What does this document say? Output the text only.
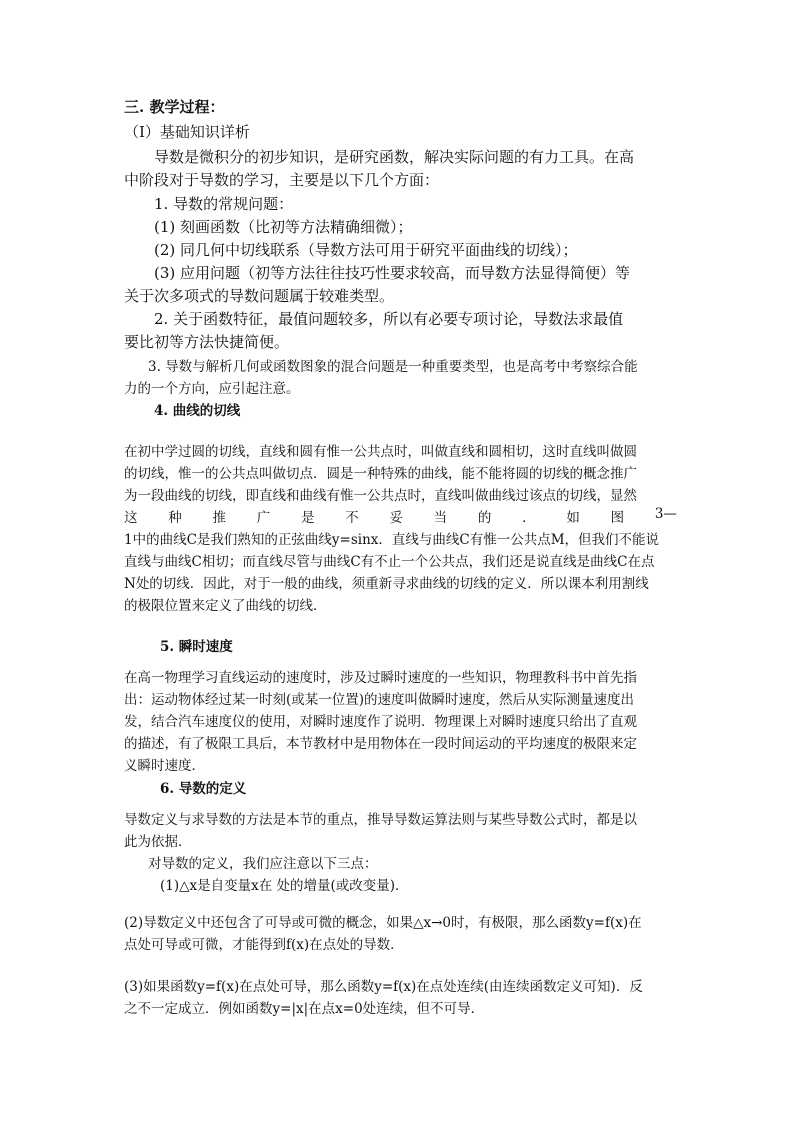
三. 教学过程：
（Ⅰ）基础知识详析
导数是微积分的初步知识，是研究函数，解决实际问题的有力工具。在高
中阶段对于导数的学习，主要是以下几个方面：
1. 导数的常规问题：
(1) 刻画函数（比初等方法精确细微）；
(2) 同几何中切线联系（导数方法可用于研究平面曲线的切线）；
(3) 应用问题（初等方法往往技巧性要求较高，而导数方法显得简便）等
关于次多项式的导数问题属于较难类型。
2. 关于函数特征，最值问题较多，所以有必要专项讨论，导数法求最值
要比初等方法快捷简便。
3. 导数与解析几何或函数图象的混合问题是一种重要类型，也是高考中考察综合能
力的一个方向，应引起注意。
4. 曲线的切线
在初中学过圆的切线，直线和圆有惟一公共点时，叫做直线和圆相切，这时直线叫做圆
的切线，惟一的公共点叫做切点．圆是一种特殊的曲线，能不能将圆的切线的概念推广
为一段曲线的切线，即直线和曲线有惟一公共点时，直线叫做曲线过该点的切线，显然
这 种 推 广 是 不 妥 当 的 ． 如 图 3—
1中的曲线C是我们熟知的正弦曲线y=sinx．直线与曲线C有惟一公共点M，但我们不能说
直线与曲线C相切；而直线尽管与曲线C有不止一个公共点，我们还是说直线是曲线C在点
N处的切线．因此，对于一般的曲线，须重新寻求曲线的切线的定义．所以课本利用割线
的极限位置来定义了曲线的切线．
5. 瞬时速度
在高一物理学习直线运动的速度时，涉及过瞬时速度的一些知识，物理教科书中首先指
出：运动物体经过某一时刻(或某一位置)的速度叫做瞬时速度，然后从实际测量速度出
发，结合汽车速度仪的使用，对瞬时速度作了说明．物理课上对瞬时速度只给出了直观
的描述，有了极限工具后，本节教材中是用物体在一段时间运动的平均速度的极限来定
义瞬时速度．
6. 导数的定义
导数定义与求导数的方法是本节的重点，推导导数运算法则与某些导数公式时，都是以
此为依据．
对导数的定义，我们应注意以下三点：
(1)△x是自变量x在 处的增量(或改变量)．
(2)导数定义中还包含了可导或可微的概念，如果△x→0时，有极限，那么函数y=f(x)在
点处可导或可微，才能得到f(x)在点处的导数．
(3)如果函数y=f(x)在点处可导，那么函数y=f(x)在点处连续(由连续函数定义可知)．反
之不一定成立．例如函数y=|x|在点x=0处连续，但不可导．
